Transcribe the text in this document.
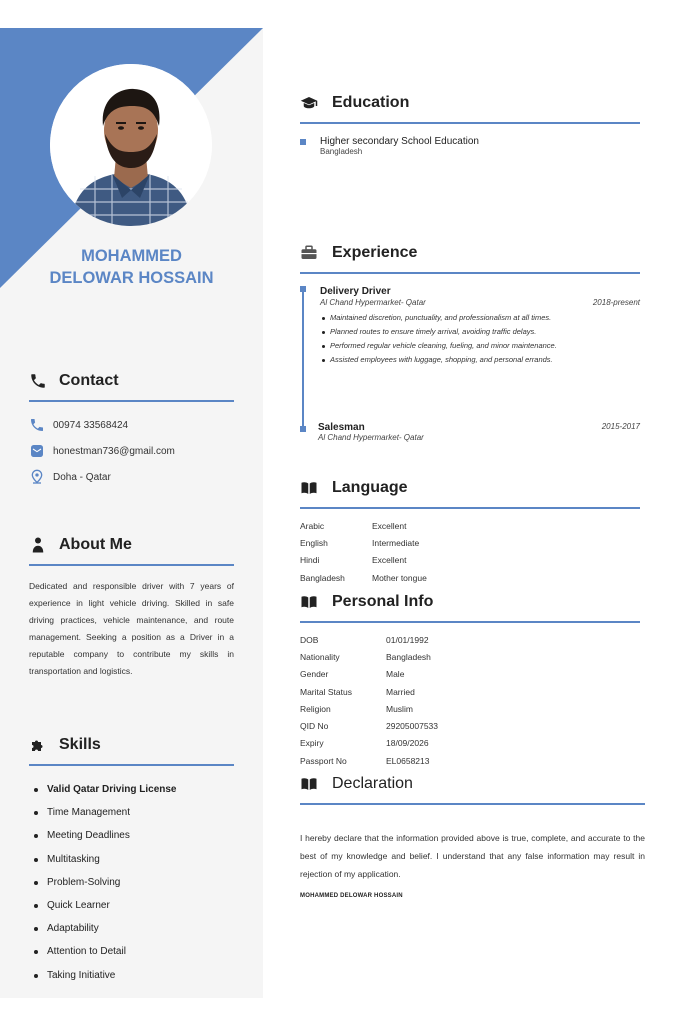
MOHAMMED
DELOWAR HOSSAIN
Contact
00974 33568424
honestman736@gmail.com
Doha - Qatar
About Me
Dedicated and responsible driver with 7 years of experience in light vehicle driving. Skilled in safe driving practices, vehicle maintenance, and route management. Seeking a position as a Driver in a reputable company to contribute my skills in transportation and logistics.
Skills
Valid Qatar Driving License
Time Management
Meeting Deadlines
Multitasking
Problem-Solving
Quick Learner
Adaptability
Attention to Detail
Taking Initiative
Education
Higher secondary School Education
Bangladesh
Experience
Delivery Driver
Al Chand Hypermarket- Qatar	2018-present
Maintained discretion, punctuality, and professionalism at all times.
Planned routes to ensure timely arrival, avoiding traffic delays.
Performed regular vehicle cleaning, fueling, and minor maintenance.
Assisted employees with luggage, shopping, and personal errands.
Salesman	2015-2017
Al Chand Hypermarket- Qatar
Language
Arabic	Excellent
English	Intermediate
Hindi	Excellent
Bangladesh	Mother tongue
Personal Info
DOB	01/01/1992
Nationality	Bangladesh
Gender	Male
Marital Status	Married
Religion	Muslim
QID No	29205007533
Expiry	18/09/2026
Passport No	EL0658213
Declaration
I hereby declare that the information provided above is true, complete, and accurate to the best of my knowledge and belief. I understand that any false information may result in rejection of my application.
MOHAMMED DELOWAR HOSSAIN
